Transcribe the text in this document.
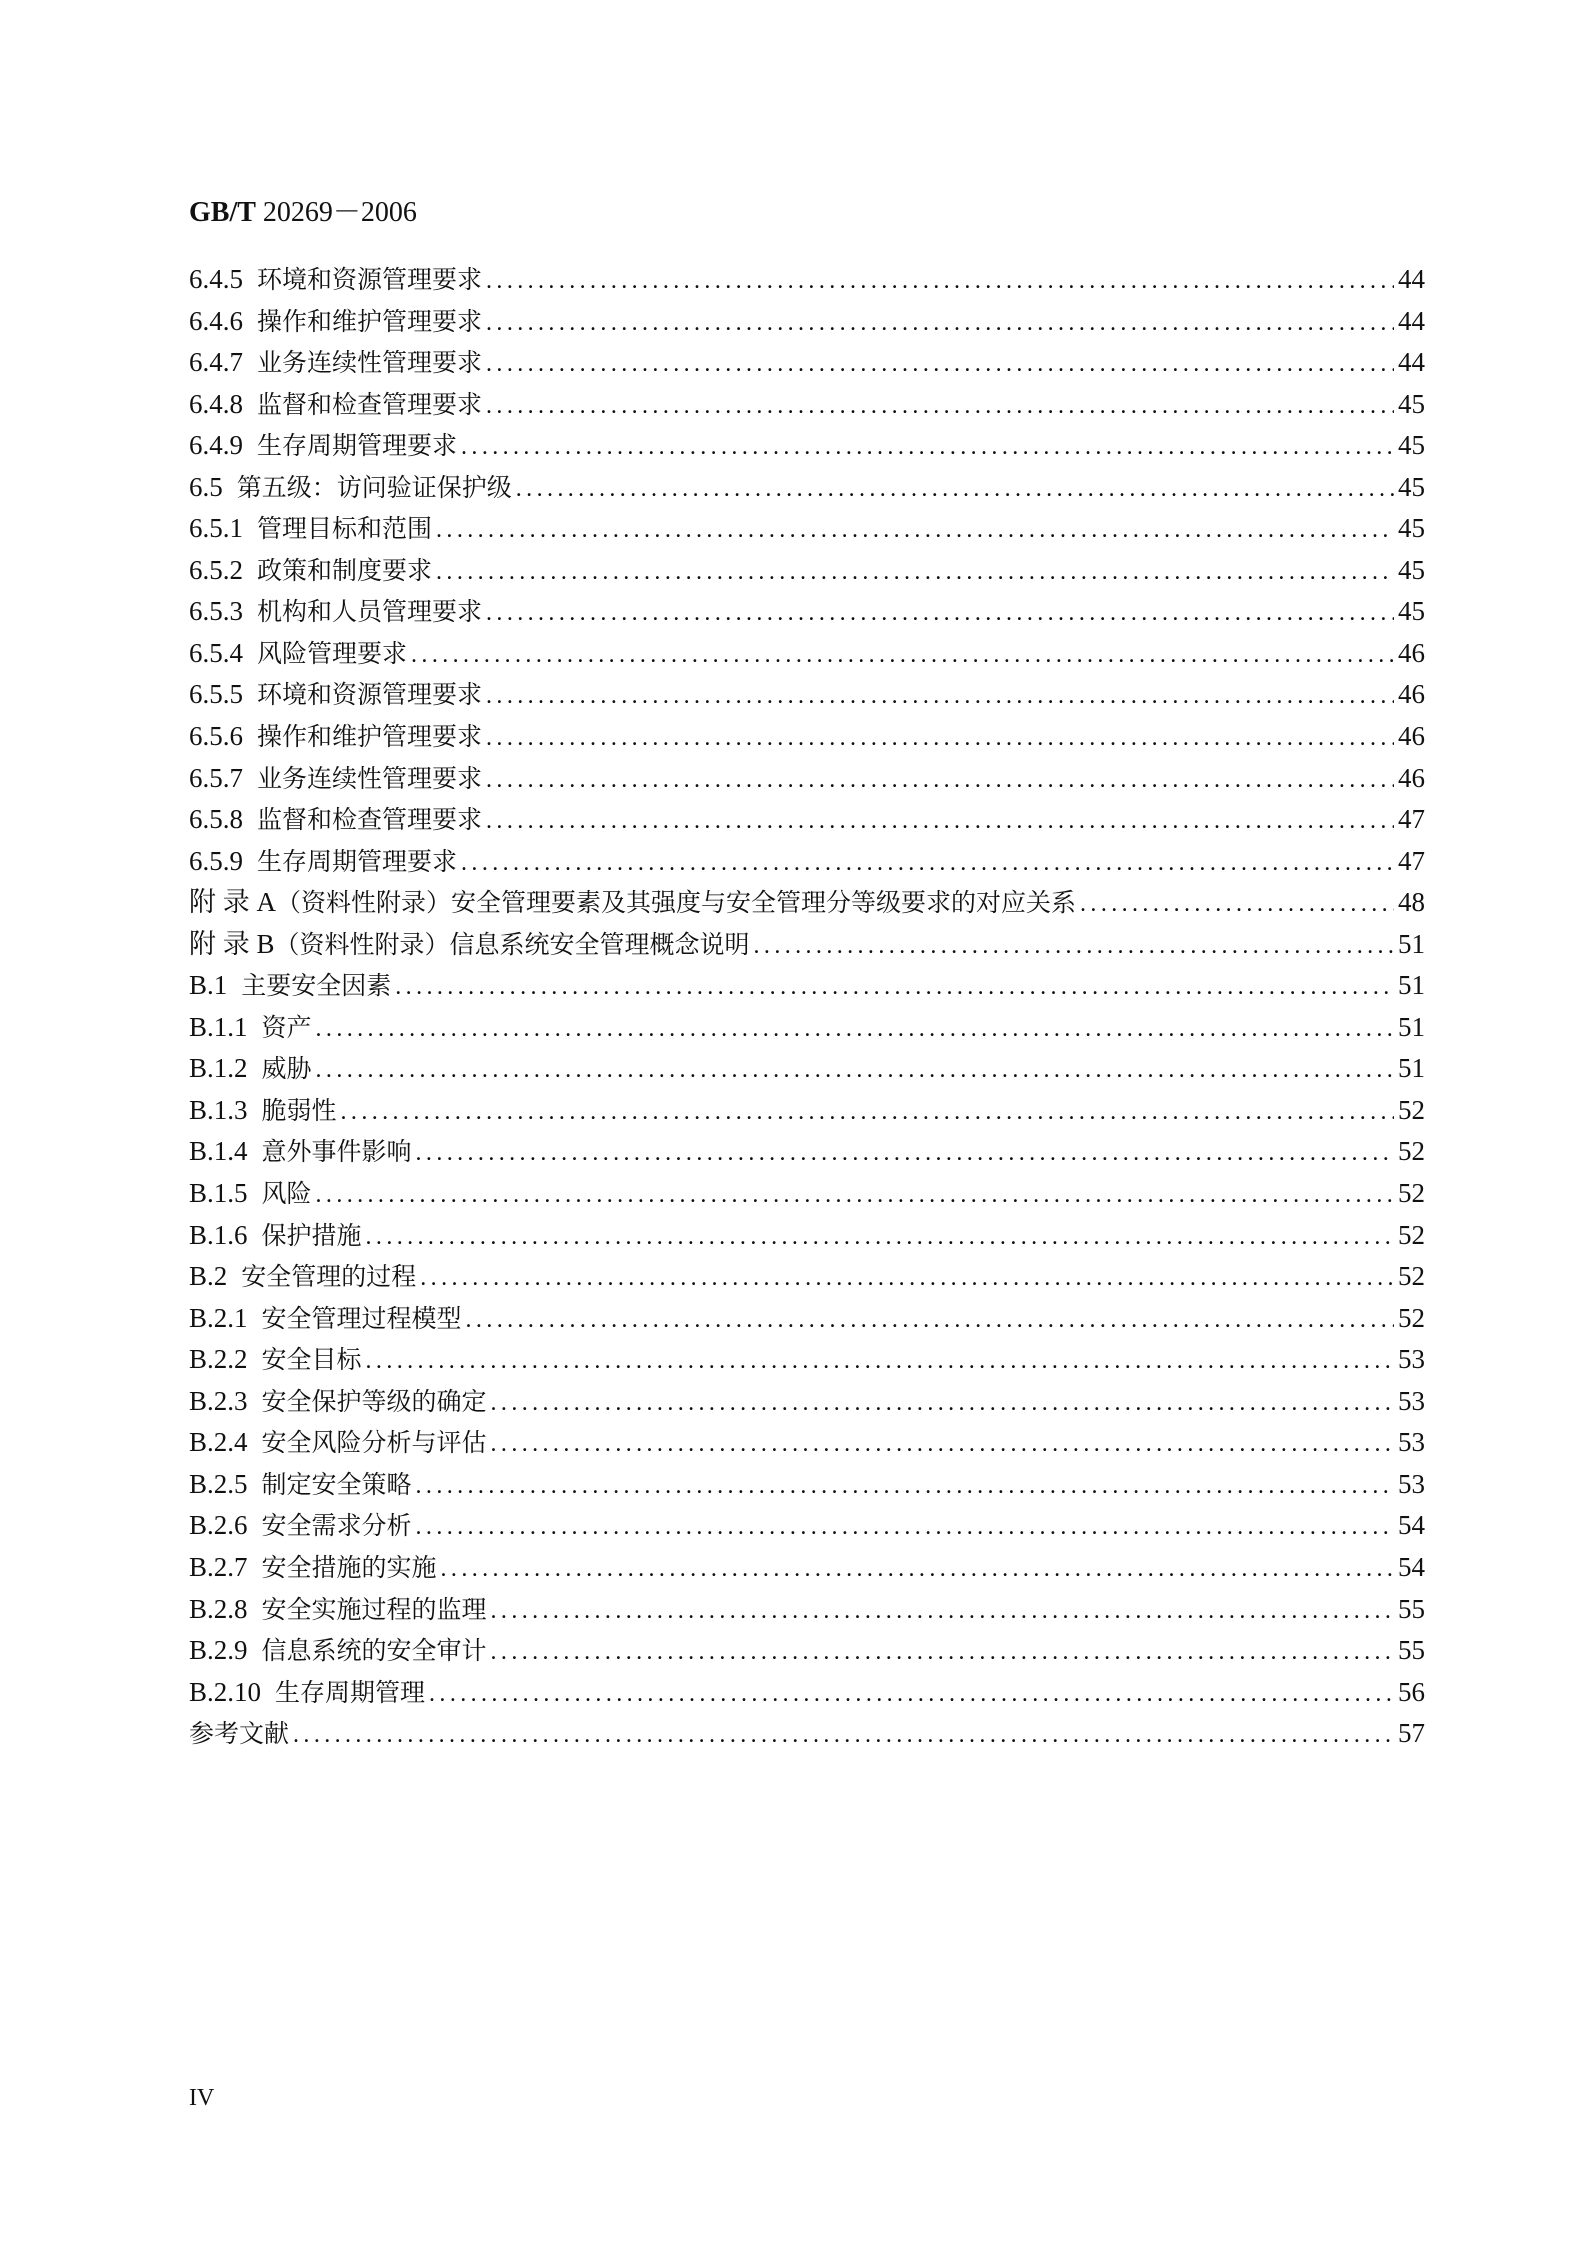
GB/T 20269－2006
6.4.5 环境和资源管理要求 . . .	44
6.4.6 操作和维护管理要求 . . .	44
6.4.7 业务连续性管理要求 . . .	44
6.4.8 监督和检查管理要求 . . .	45
6.4.9 生存周期管理要求 . . .	45
6.5 第五级：访问验证保护级 . . .	45
6.5.1 管理目标和范围 . . .	45
6.5.2 政策和制度要求 . . .	45
6.5.3 机构和人员管理要求 . . .	45
6.5.4 风险管理要求 . . .	46
6.5.5 环境和资源管理要求 . . .	46
6.5.6 操作和维护管理要求 . . .	46
6.5.7 业务连续性管理要求 . . .	46
6.5.8 监督和检查管理要求 . . .	47
6.5.9 生存周期管理要求 . . .	47
附 录 A （资料性附录）安全管理要素及其强度与安全管理分等级要求的对应关系 . . .	48
附 录 B （资料性附录）信息系统安全管理概念说明 . . .	51
B.1 主要安全因素 . . .	51
B.1.1 资产 . . .	51
B.1.2 威胁 . . .	51
B.1.3 脆弱性 . . .	52
B.1.4 意外事件影响 . . .	52
B.1.5 风险 . . .	52
B.1.6 保护措施 . . .	52
B.2 安全管理的过程 . . .	52
B.2.1 安全管理过程模型 . . .	52
B.2.2 安全目标 . . .	53
B.2.3 安全保护等级的确定 . . .	53
B.2.4 安全风险分析与评估 . . .	53
B.2.5 制定安全策略 . . .	53
B.2.6 安全需求分析 . . .	54
B.2.7 安全措施的实施 . . .	54
B.2.8 安全实施过程的监理 . . .	55
B.2.9 信息系统的安全审计 . . .	55
B.2.10 生存周期管理 . . .	56
参考文献 . . .	57
IV
